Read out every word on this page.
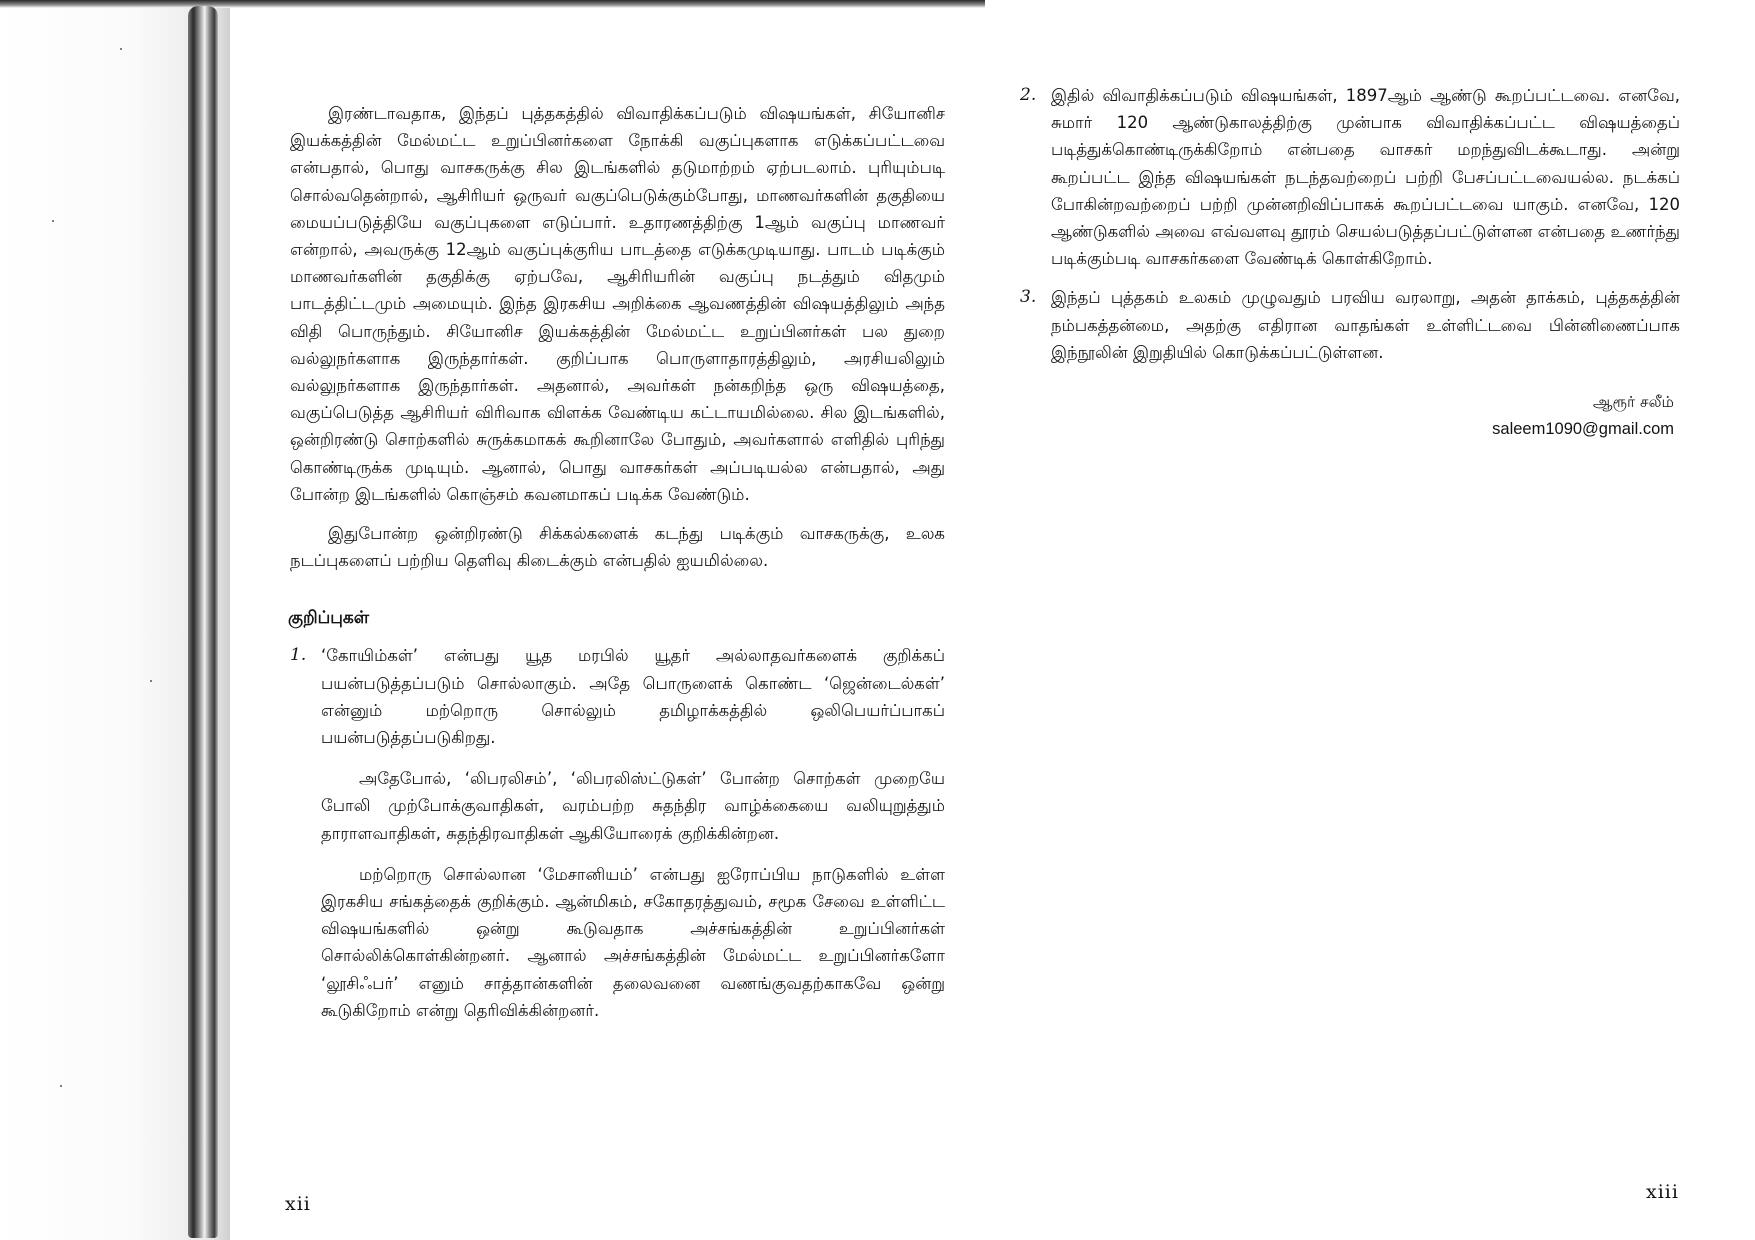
இரண்டாவதாக, இந்தப் புத்தகத்தில் விவாதிக்கப்படும் விஷயங்கள், சியோனிச இயக்கத்தின் மேல்மட்ட உறுப்பினர்களை நோக்கி வகுப்புகளாக எடுக்கப்பட்டவை என்பதால், பொது வாசகருக்கு சில இடங்களில் தடுமாற்றம் ஏற்படலாம். புரியும்படி சொல்வதென்றால், ஆசிரியர் ஒருவர் வகுப்பெடுக்கும்போது, மாணவர்களின் தகுதியை மையப்படுத்தியே வகுப்புகளை எடுப்பார். உதாரணத்திற்கு 1ஆம் வகுப்பு மாணவர் என்றால், அவருக்கு 12ஆம் வகுப்புக்குரிய பாடத்தை எடுக்கமுடியாது. பாடம் படிக்கும் மாணவர்களின் தகுதிக்கு ஏற்பவே, ஆசிரியரின் வகுப்பு நடத்தும் விதமும் பாடத்திட்டமும் அமையும். இந்த இரகசிய அறிக்கை ஆவணத்தின் விஷயத்திலும் அந்த விதி பொருந்தும். சியோனிச இயக்கத்தின் மேல்மட்ட உறுப்பினர்கள் பல துறை வல்லுநர்களாக இருந்தார்கள். குறிப்பாக பொருளாதாரத்திலும், அரசியலிலும் வல்லுநர்களாக இருந்தார்கள். அதனால், அவர்கள் நன்கறிந்த ஒரு விஷயத்தை, வகுப்பெடுத்த ஆசிரியர் விரிவாக விளக்க வேண்டிய கட்டாயமில்லை. சில இடங்களில், ஒன்றிரண்டு சொற்களில் சுருக்கமாகக் கூறினாலே போதும், அவர்களால் எளிதில் புரிந்து கொண்டிருக்க முடியும். ஆனால், பொது வாசகர்கள் அப்படியல்ல என்பதால், அது போன்ற இடங்களில் கொஞ்சம் கவனமாகப் படிக்க வேண்டும்.

இதுபோன்ற ஒன்றிரண்டு சிக்கல்களைக் கடந்து படிக்கும் வாசகருக்கு, உலக நடப்புகளைப் பற்றிய தெளிவு கிடைக்கும் என்பதில் ஐயமில்லை.

குறிப்புகள்
1. ‘கோயிம்கள்’ என்பது யூத மரபில் யூதர் அல்லாதவர்களைக் குறிக்கப் பயன்படுத்தப்படும் சொல்லாகும். அதே பொருளைக் கொண்ட ‘ஜென்டைல்கள்’ என்னும் மற்றொரு சொல்லும் தமிழாக்கத்தில் ஒலிபெயர்ப்பாகப் பயன்படுத்தப்படுகிறது.

அதேபோல், ‘லிபரலிசம்’, ‘லிபரலிஸ்ட்டுகள்’ போன்ற சொற்கள் முறையே போலி முற்போக்குவாதிகள், வரம்பற்ற சுதந்திர வாழ்க்கையை வலியுறுத்தும் தாராளவாதிகள், சுதந்திரவாதிகள் ஆகியோரைக் குறிக்கின்றன.

மற்றொரு சொல்லான ‘மேசானியம்’ என்பது ஐரோப்பிய நாடுகளில் உள்ள இரகசிய சங்கத்தைக் குறிக்கும். ஆன்மிகம், சகோதரத்துவம், சமூக சேவை உள்ளிட்ட விஷயங்களில் ஒன்று கூடுவதாக அச்சங்கத்தின் உறுப்பினர்கள் சொல்லிக்கொள்கின்றனர். ஆனால் அச்சங்கத்தின் மேல்மட்ட உறுப்பினர்களோ ‘லூசிஃபர்’ எனும் சாத்தான்களின் தலைவனை வணங்குவதற்காகவே ஒன்று கூடுகிறோம் என்று தெரிவிக்கின்றனர்.

xii
2. இதில் விவாதிக்கப்படும் விஷயங்கள், 1897ஆம் ஆண்டு கூறப்பட்டவை. எனவே, சுமார் 120 ஆண்டுகாலத்திற்கு முன்பாக விவாதிக்கப்பட்ட விஷயத்தைப் படித்துக்கொண்டிருக்கிறோம் என்பதை வாசகர் மறந்துவிடக்கூடாது. அன்று கூறப்பட்ட இந்த விஷயங்கள் நடந்தவற்றைப் பற்றி பேசப்பட்டவையல்ல. நடக்கப் போகின்றவற்றைப் பற்றி முன்னறிவிப்பாகக் கூறப்பட்டவை யாகும். எனவே, 120 ஆண்டுகளில் அவை எவ்வளவு தூரம் செயல்படுத்தப்பட்டுள்ளன என்பதை உணர்ந்து படிக்கும்படி வாசகர்களை வேண்டிக் கொள்கிறோம்.

3. இந்தப் புத்தகம் உலகம் முழுவதும் பரவிய வரலாறு, அதன் தாக்கம், புத்தகத்தின் நம்பகத்தன்மை, அதற்கு எதிரான வாதங்கள் உள்ளிட்டவை பின்னிணைப்பாக இந்நூலின் இறுதியில் கொடுக்கப்பட்டுள்ளன.

ஆரூர் சலீம்
saleem1090@gmail.com
xiii
